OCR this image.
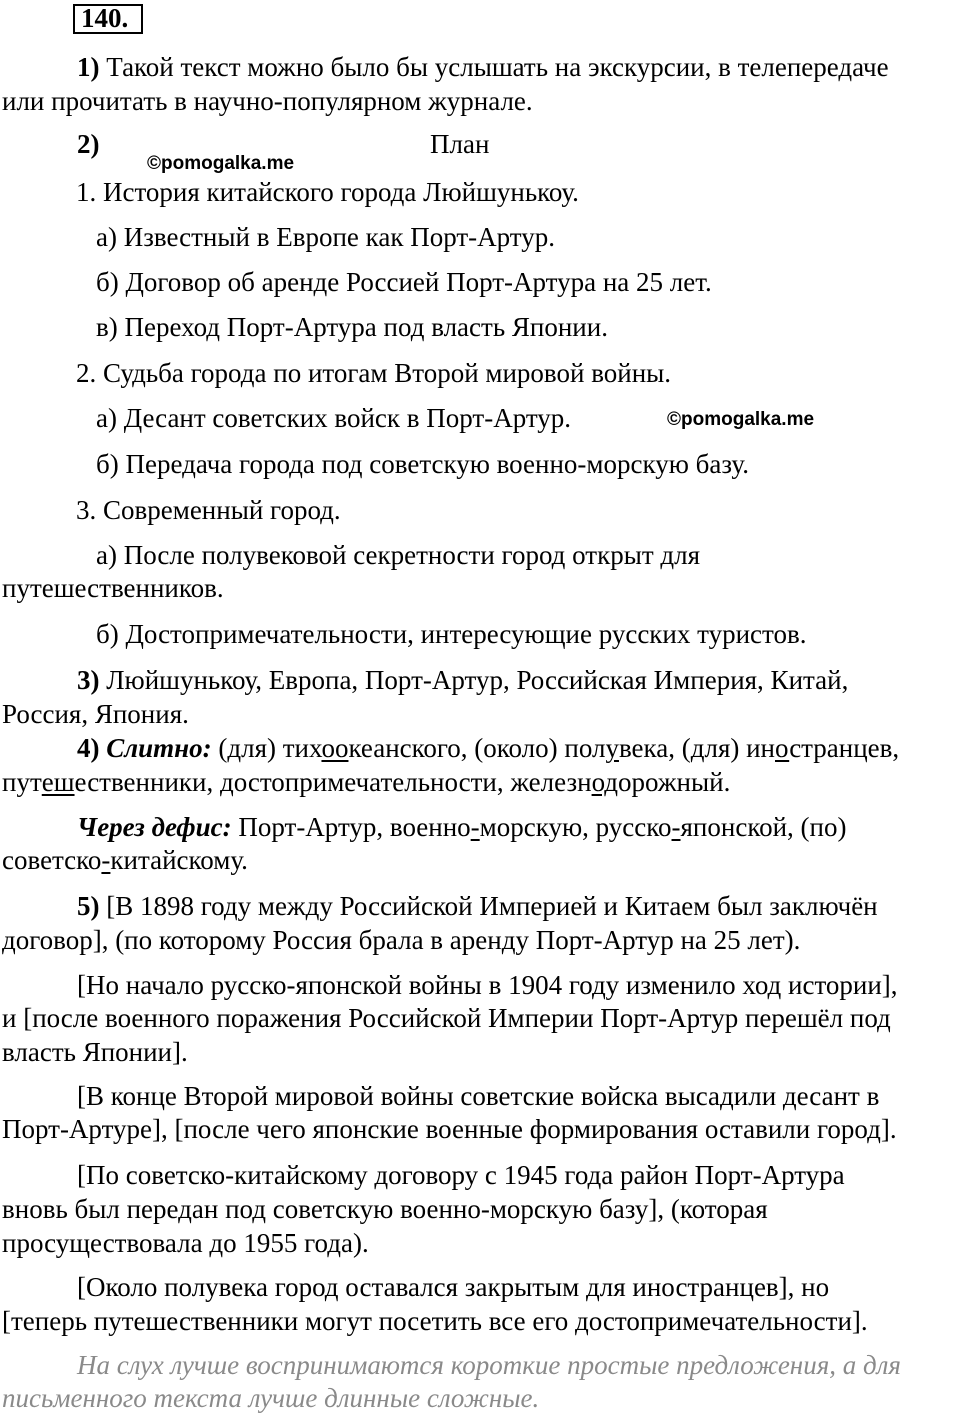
140.
1) Такой текст можно было бы услышать на экскурсии, в телепередаче
или прочитать в научно-популярном журнале.
2)	План
©pomogalka.me
1. История китайского города Люйшунькоу.
а) Известный в Европе как Порт-Артур.
б) Договор об аренде Россией Порт-Артура на 25 лет.
в) Переход Порт-Артура под власть Японии.
2. Судьба города по итогам Второй мировой войны.
а) Десант советских войск в Порт-Артур.	©pomogalka.me
б) Передача города под советскую военно-морскую базу.
3. Современный город.
а) После полувековой секретности город открыт для
путешественников.
б) Достопримечательности, интересующие русских туристов.
3) Люйшунькоу, Европа, Порт-Артур, Российская Империя, Китай,
Россия, Япония.
4) Слитно: (для) тихоокеанского, (около) полувека, (для) иностранцев,
путешественники, достопримечательности, железнодорожный.
Через дефис: Порт-Артур, военно-морскую, русско-японской, (по)
советско-китайскому.
5) [В 1898 году между Российской Империей и Китаем был заключён
договор], (по которому Россия брала в аренду Порт-Артур на 25 лет).
[Но начало русско-японской войны в 1904 году изменило ход истории],
и [после военного поражения Российской Империи Порт-Артур перешёл под
власть Японии].
[В конце Второй мировой войны советские войска высадили десант в
Порт-Артуре], [после чего японские военные формирования оставили город].
[По советско-китайскому договору с 1945 года район Порт-Артура
вновь был передан под советскую военно-морскую базу], (которая
просуществовала до 1955 года).
[Около полувека город оставался закрытым для иностранцев], но
[теперь путешественники могут посетить все его достопримечательности].
На слух лучше воспринимаются короткие простые предложения, а для
письменного текста лучше длинные сложные.
